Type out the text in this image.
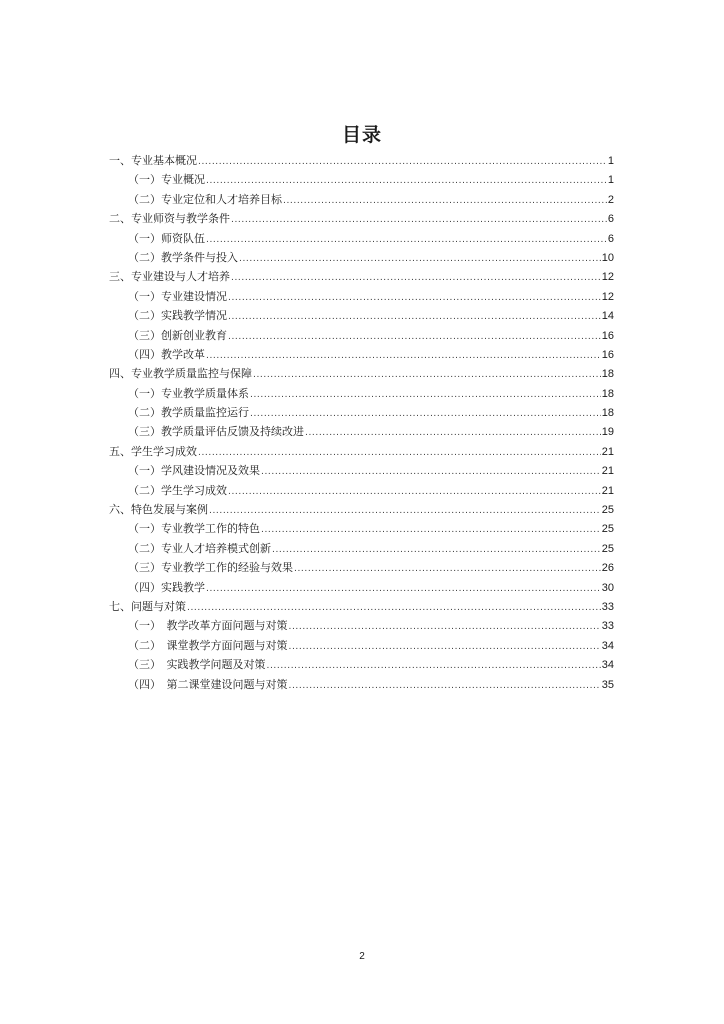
目录
一、专业基本概况 .....	1
（一）专业概况 .....	1
（二）专业定位和人才培养目标 .....	2
二、专业师资与教学条件 .....	6
（一）师资队伍 .....	6
（二）教学条件与投入 .....	10
三、专业建设与人才培养 .....	12
（一）专业建设情况 .....	12
（二）实践教学情况 .....	14
（三）创新创业教育 .....	16
（四）教学改革 .....	16
四、专业教学质量监控与保障 .....	18
（一）专业教学质量体系 .....	18
（二）教学质量监控运行 .....	18
（三）教学质量评估反馈及持续改进 .....	19
五、学生学习成效 .....	21
（一）学风建设情况及效果 .....	21
（二）学生学习成效 .....	21
六、特色发展与案例 .....	25
（一）专业教学工作的特色 .....	25
（二）专业人才培养模式创新 .....	25
（三）专业教学工作的经验与效果 .....	26
（四）实践教学 .....	30
七、问题与对策 .....	33
（一）　教学改革方面问题与对策 .....	33
（二）　课堂教学方面问题与对策 .....	34
（三）　实践教学问题及对策 .....	34
（四）　第二课堂建设问题与对策 .....	35
2
